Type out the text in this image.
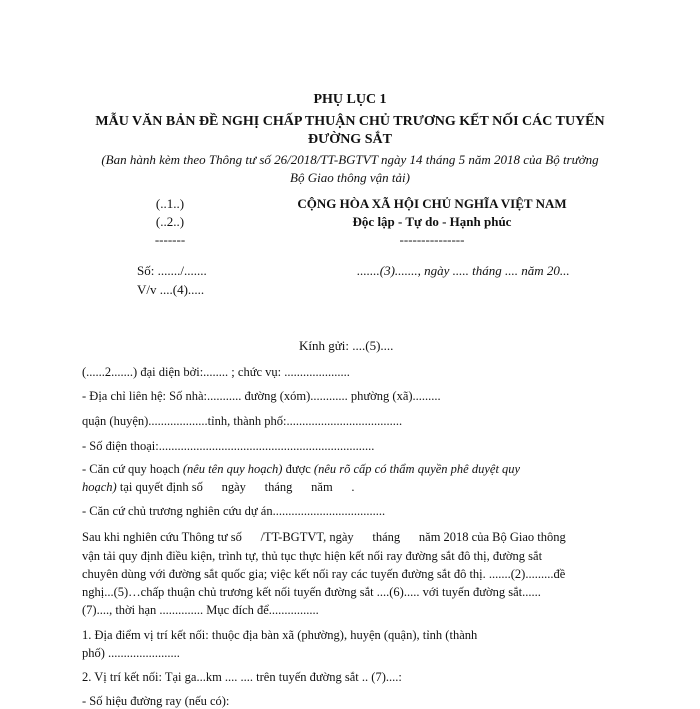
PHỤ LỤC 1
MẪU VĂN BẢN ĐỀ NGHỊ CHẤP THUẬN CHỦ TRƯƠNG KẾT NỐI CÁC TUYẾN
ĐƯỜNG SẮT
(Ban hành kèm theo Thông tư số 26/2018/TT-BGTVT ngày 14 tháng 5 năm 2018 của Bộ trưởng
Bộ Giao thông vận tải)
(..1..)
(..2..)
-------
Số: ......./.......
V/v ....(4).....
CỘNG HÒA XÃ HỘI CHỦ NGHĨA VIỆT NAM
Độc lập - Tự do - Hạnh phúc
---------------
.......(3)......., ngày ..... tháng .... năm 20...
Kính gửi: ....(5)....
(......2.......) đại diện bởi:........ ; chức vụ: .....................
- Địa chỉ liên hệ: Số nhà:........... đường (xóm)............ phường (xã).........
quận (huyện)...................tỉnh, thành phố:.....................................
- Số điện thoại:.....................................................................
- Căn cứ quy hoạch (nêu tên quy hoạch) được (nêu rõ cấp có thẩm quyền phê duyệt quy
hoạch) tại quyết định số      ngày      tháng      năm      .
- Căn cứ chủ trương nghiên cứu dự án....................................
Sau khi nghiên cứu Thông tư số      /TT-BGTVT, ngày      tháng      năm 2018 của Bộ Giao thông
vận tải quy định điều kiện, trình tự, thủ tục thực hiện kết nối ray đường sắt đô thị, đường sắt
chuyên dùng với đường sắt quốc gia; việc kết nối ray các tuyến đường sắt đô thị. .......(2).........đề
nghị...(5)…chấp thuận chủ trương kết nối tuyến đường sắt ....(6)..... với tuyến đường sắt......
(7)...., thời hạn .............. Mục đích để................
1. Địa điểm vị trí kết nối: thuộc địa bàn xã (phường), huyện (quận), tỉnh (thành
phố) .......................
2. Vị trí kết nối: Tại ga...km .... .... trên tuyến đường sắt .. (7)....:
- Số hiệu đường ray (nếu có):
